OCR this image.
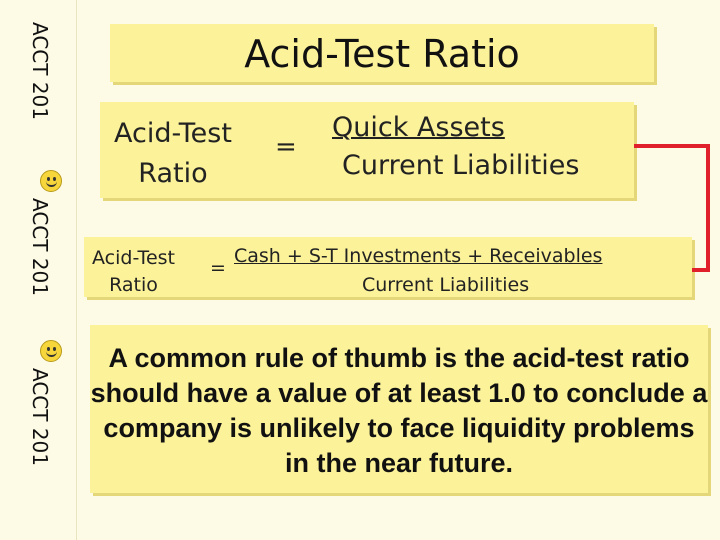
ACCT 201
ACCT 201
ACCT 201
Acid-Test Ratio
Acid-Test
Ratio
=
Quick Assets
Current Liabilities
Acid-Test
Ratio
=
Cash + S-T Investments + Receivables
Current Liabilities
A common rule of thumb is the acid-test ratio should have a value of at least 1.0 to conclude a company is unlikely to face liquidity problems in the near future.
